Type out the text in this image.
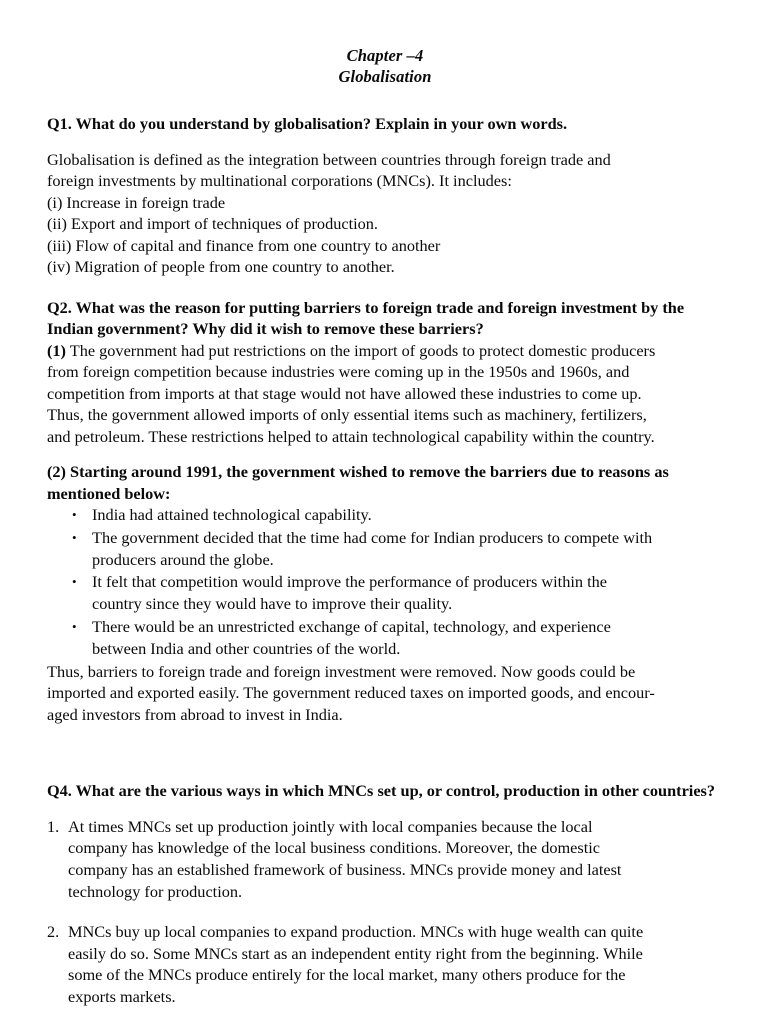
Chapter –4
Globalisation
Q1. What do you understand by globalisation? Explain in your own words.
Globalisation is defined as the integration between countries through foreign trade and
foreign investments by multinational corporations (MNCs). It includes:
(i) Increase in foreign trade
(ii) Export and import of techniques of production.
(iii) Flow of capital and finance from one country to another
(iv) Migration of people from one country to another.
Q2. What was the reason for putting barriers to foreign trade and foreign investment by the Indian government? Why did it wish to remove these barriers?
(1) The government had put restrictions on the import of goods to protect domestic producers
from foreign competition because industries were coming up in the 1950s and 1960s, and
competition from imports at that stage would not have allowed these industries to come up.
Thus, the government allowed imports of only essential items such as machinery, fertilizers,
and petroleum. These restrictions helped to attain technological capability within the country.
(2) Starting around 1991, the government wished to remove the barriers due to reasons as mentioned below:
• India had attained technological capability.
• The government decided that the time had come for Indian producers to compete with
producers around the globe.
• It felt that competition would improve the performance of producers within the
country since they would have to improve their quality.
• There would be an unrestricted exchange of capital, technology, and experience
between India and other countries of the world.
Thus, barriers to foreign trade and foreign investment were removed. Now goods could be
imported and exported easily. The government reduced taxes on imported goods, and encour-
aged investors from abroad to invest in India.
Q4. What are the various ways in which MNCs set up, or control, production in other countries?
1. At times MNCs set up production jointly with local companies because the local
company has knowledge of the local business conditions. Moreover, the domestic
company has an established framework of business. MNCs provide money and latest
technology for production.
2. MNCs buy up local companies to expand production. MNCs with huge wealth can quite
easily do so. Some MNCs start as an independent entity right from the beginning. While
some of the MNCs produce entirely for the local market, many others produce for the
exports markets.
